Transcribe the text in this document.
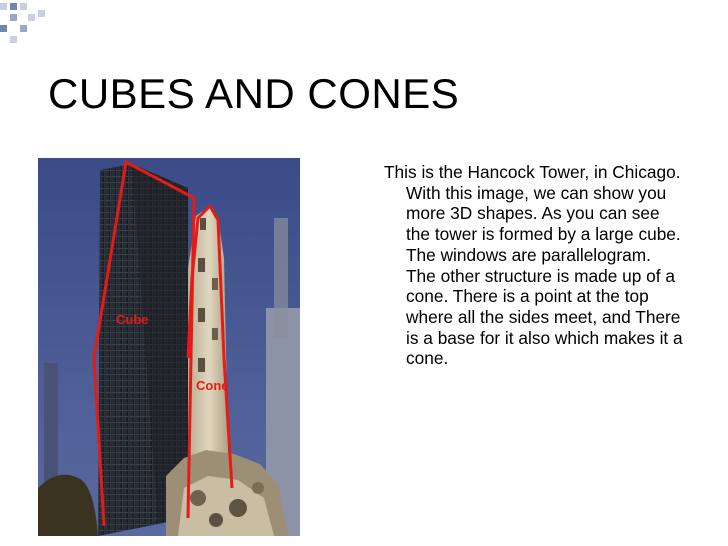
CUBES AND CONES
Cube
Cone

This is the Hancock Tower, in Chicago. With this image, we can show you more 3D shapes. As you can see the tower is formed by a large cube. The windows are parallelogram. The other structure is made up of a cone. There is a point at the top where all the sides meet, and There is a base for it also which makes it a cone.
